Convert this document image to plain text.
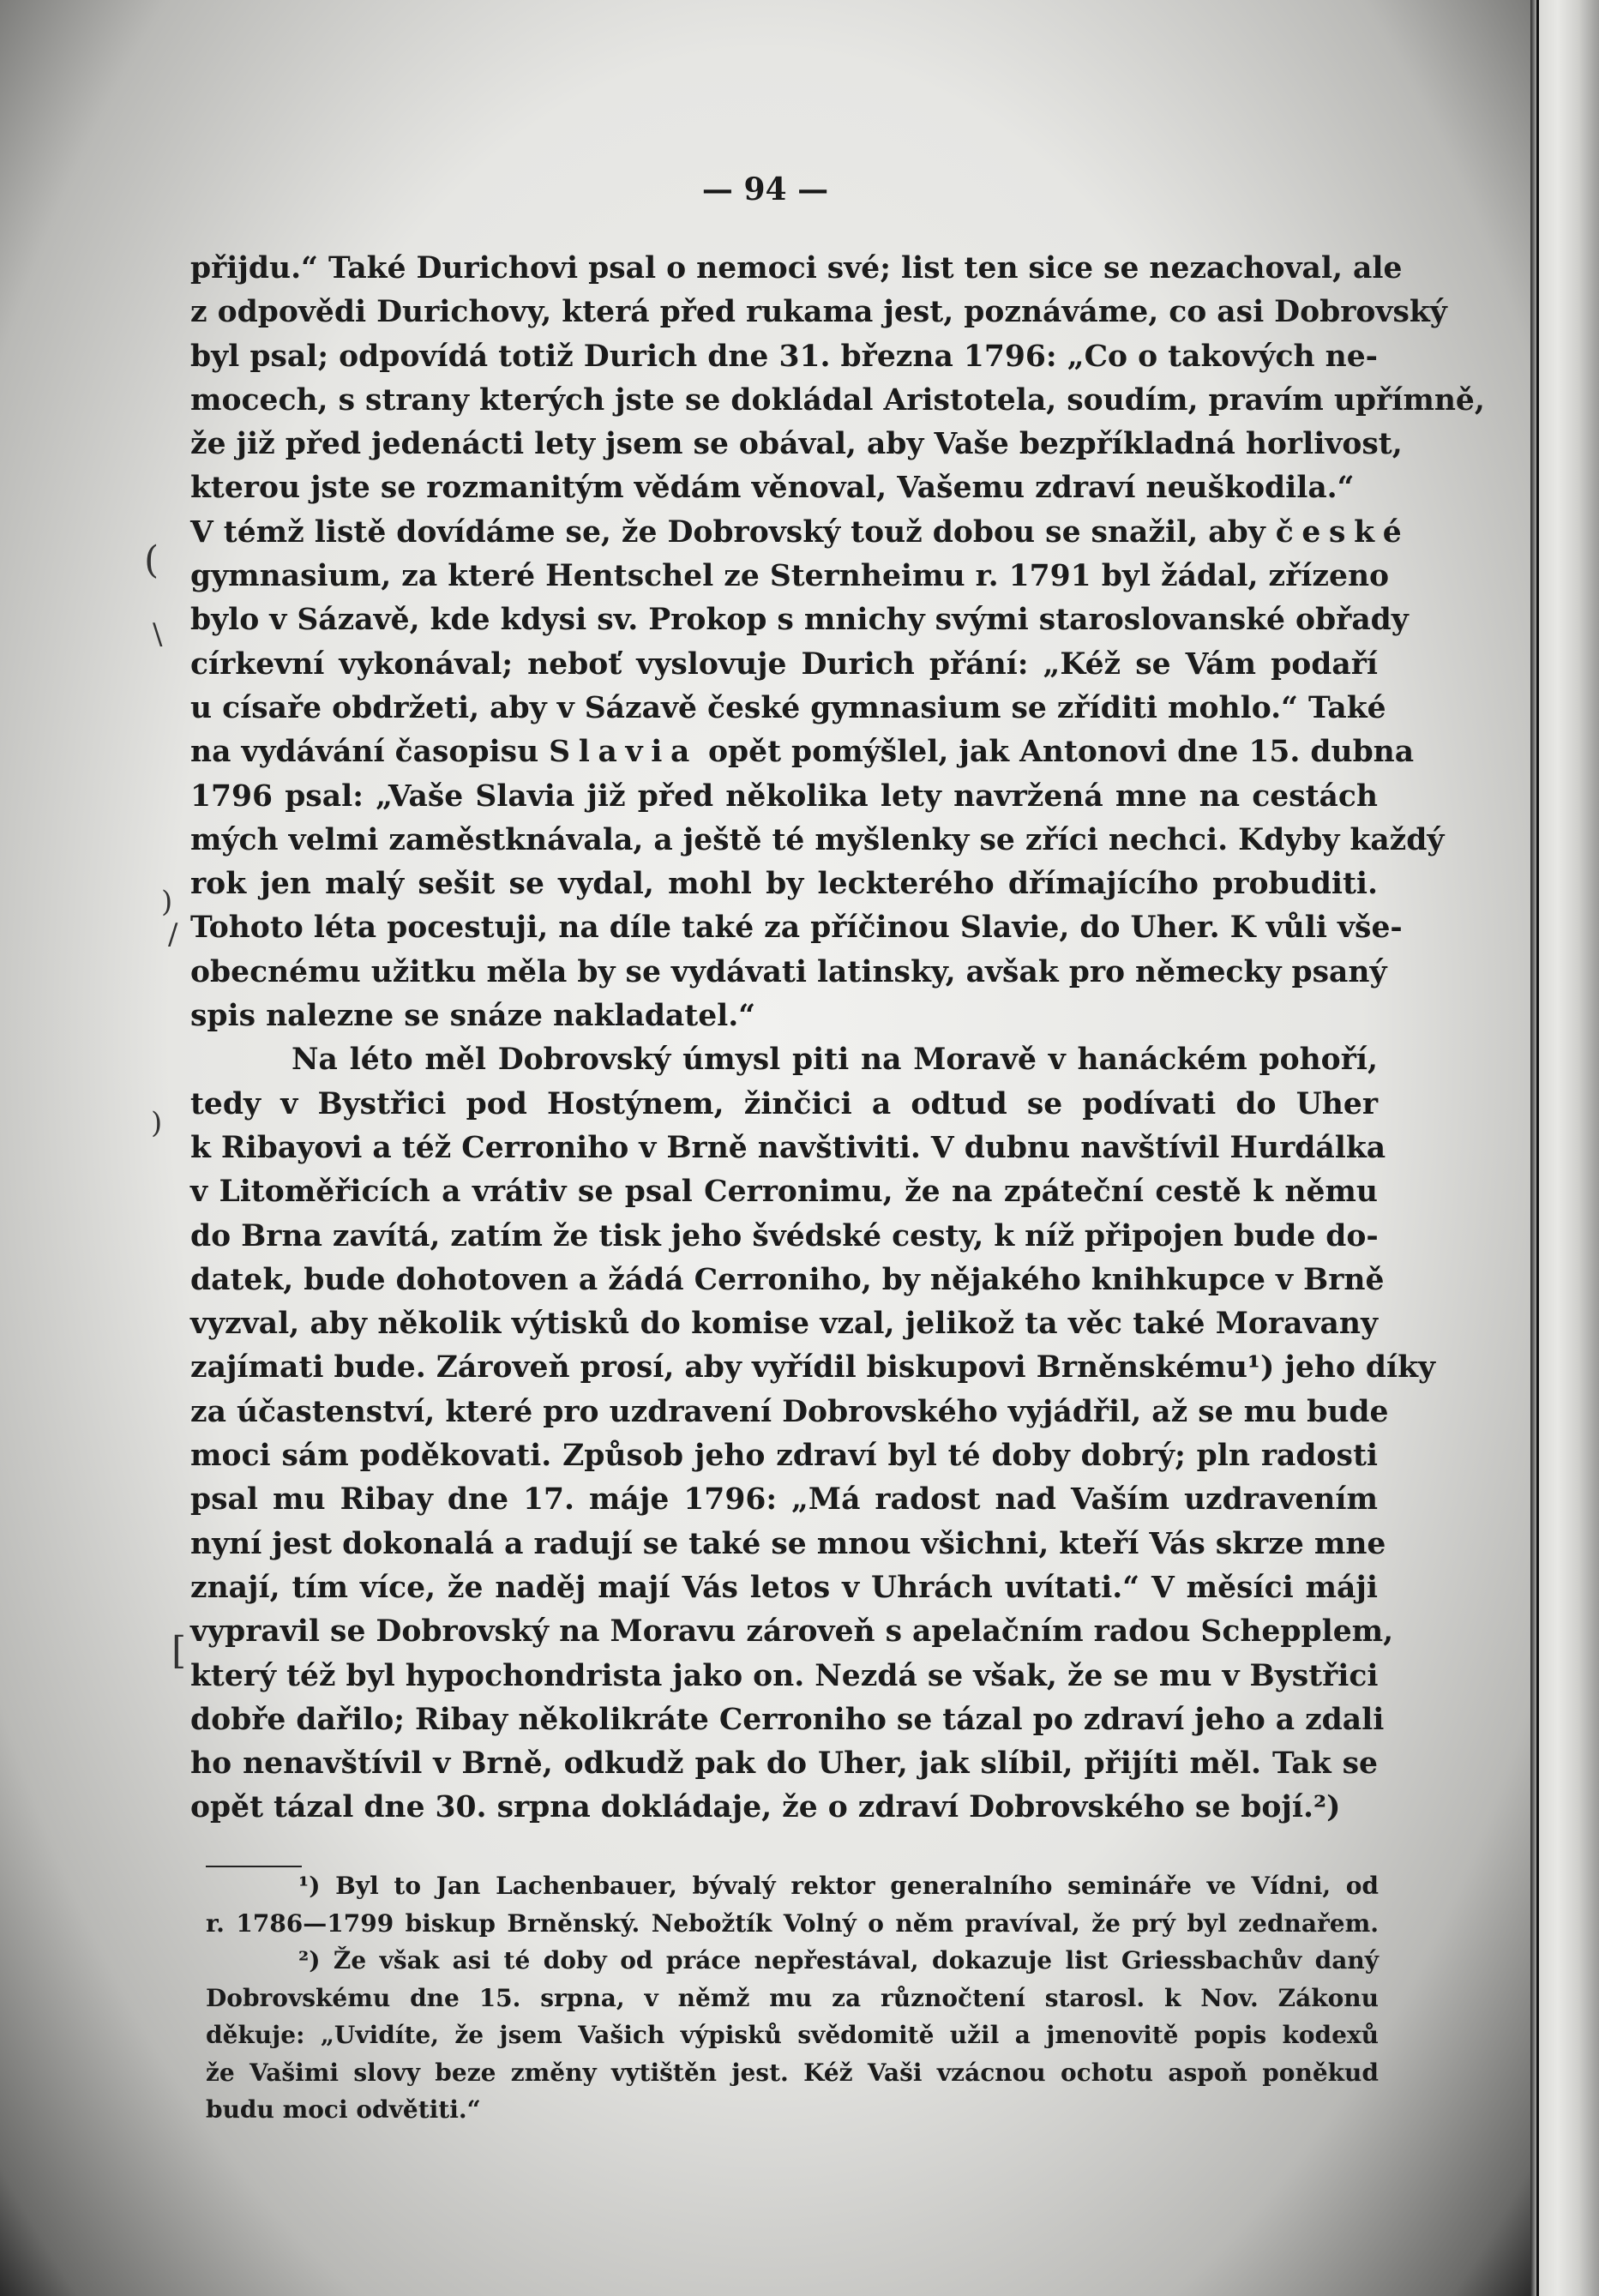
— 94 —
přijdu.“ Také Durichovi psal o nemoci své; list ten sice se nezachoval, ale
z odpovědi Durichovy, která před rukama jest, poznáváme, co asi Dobrovský
byl psal; odpovídá totiž Durich dne 31. března 1796: „Co o takových ne-
mocech, s strany kterých jste se dokládal Aristotela, soudím, pravím upřímně,
že již před jedenácti lety jsem se obával, aby Vaše bezpříkladná horlivost,
kterou jste se rozmanitým vědám věnoval, Vašemu zdraví neuškodila.“
V témž listě dovídáme se, že Dobrovský touž dobou se snažil, aby české
gymnasium, za které Hentschel ze Sternheimu r. 1791 byl žádal, zřízeno
bylo v Sázavě, kde kdysi sv. Prokop s mnichy svými staroslovanské obřady
církevní vykonával; neboť vyslovuje Durich přání: „Kéž se Vám podaří
u císaře obdržeti, aby v Sázavě české gymnasium se zříditi mohlo.“ Také
na vydávání časopisu Slavia opět pomýšlel, jak Antonovi dne 15. dubna
1796 psal: „Vaše Slavia již před několika lety navržená mne na cestách
mých velmi zaměstknávala, a ještě té myšlenky se zříci nechci. Kdyby každý
rok jen malý sešit se vydal, mohl by leckterého dřímajícího probuditi.
Tohoto léta pocestuji, na díle také za příčinou Slavie, do Uher. K vůli vše-
obecnému užitku měla by se vydávati latinsky, avšak pro německy psaný
spis nalezne se snáze nakladatel.“
Na léto měl Dobrovský úmysl piti na Moravě v hanáckém pohoří,
tedy v Bystřici pod Hostýnem, žinčici a odtud se podívati do Uher
k Ribayovi a též Cerroniho v Brně navštiviti. V dubnu navštívil Hurdálka
v Litoměřicích a vrátiv se psal Cerronimu, že na zpáteční cestě k němu
do Brna zavítá, zatím že tisk jeho švédské cesty, k níž připojen bude do-
datek, bude dohotoven a žádá Cerroniho, by nějakého knihkupce v Brně
vyzval, aby několik výtisků do komise vzal, jelikož ta věc také Moravany
zajímati bude. Zároveň prosí, aby vyřídil biskupovi Brněnskému¹) jeho díky
za účastenství, které pro uzdravení Dobrovského vyjádřil, až se mu bude
moci sám poděkovati. Způsob jeho zdraví byl té doby dobrý; pln radosti
psal mu Ribay dne 17. máje 1796: „Má radost nad Vaším uzdravením
nyní jest dokonalá a radují se také se mnou všichni, kteří Vás skrze mne
znají, tím více, že naděj mají Vás letos v Uhrách uvítati.“ V měsíci máji
vypravil se Dobrovský na Moravu zároveň s apelačním radou Schepplem,
který též byl hypochondrista jako on. Nezdá se však, že se mu v Bystřici
dobře dařilo; Ribay několikráte Cerroniho se tázal po zdraví jeho a zdali
ho nenavštívil v Brně, odkudž pak do Uher, jak slíbil, přijíti měl. Tak se
opět tázal dne 30. srpna dokládaje, že o zdraví Dobrovského se bojí.²)
¹) Byl to Jan Lachenbauer, bývalý rektor generalního semináře ve Vídni, od
r. 1786—1799 biskup Brněnský. Nebožtík Volný o něm pravíval, že prý byl zednařem.
²) Že však asi té doby od práce nepřestával, dokazuje list Griessbachův daný
Dobrovskému dne 15. srpna, v němž mu za různočtení starosl. k Nov. Zákonu
děkuje: „Uvidíte, že jsem Vašich výpisků svědomitě užil a jmenovitě popis kodexů
že Vašimi slovy beze změny vytištěn jest. Kéž Vaši vzácnou ochotu aspoň poněkud
budu moci odvětiti.“
(
\
)
/
)
[
